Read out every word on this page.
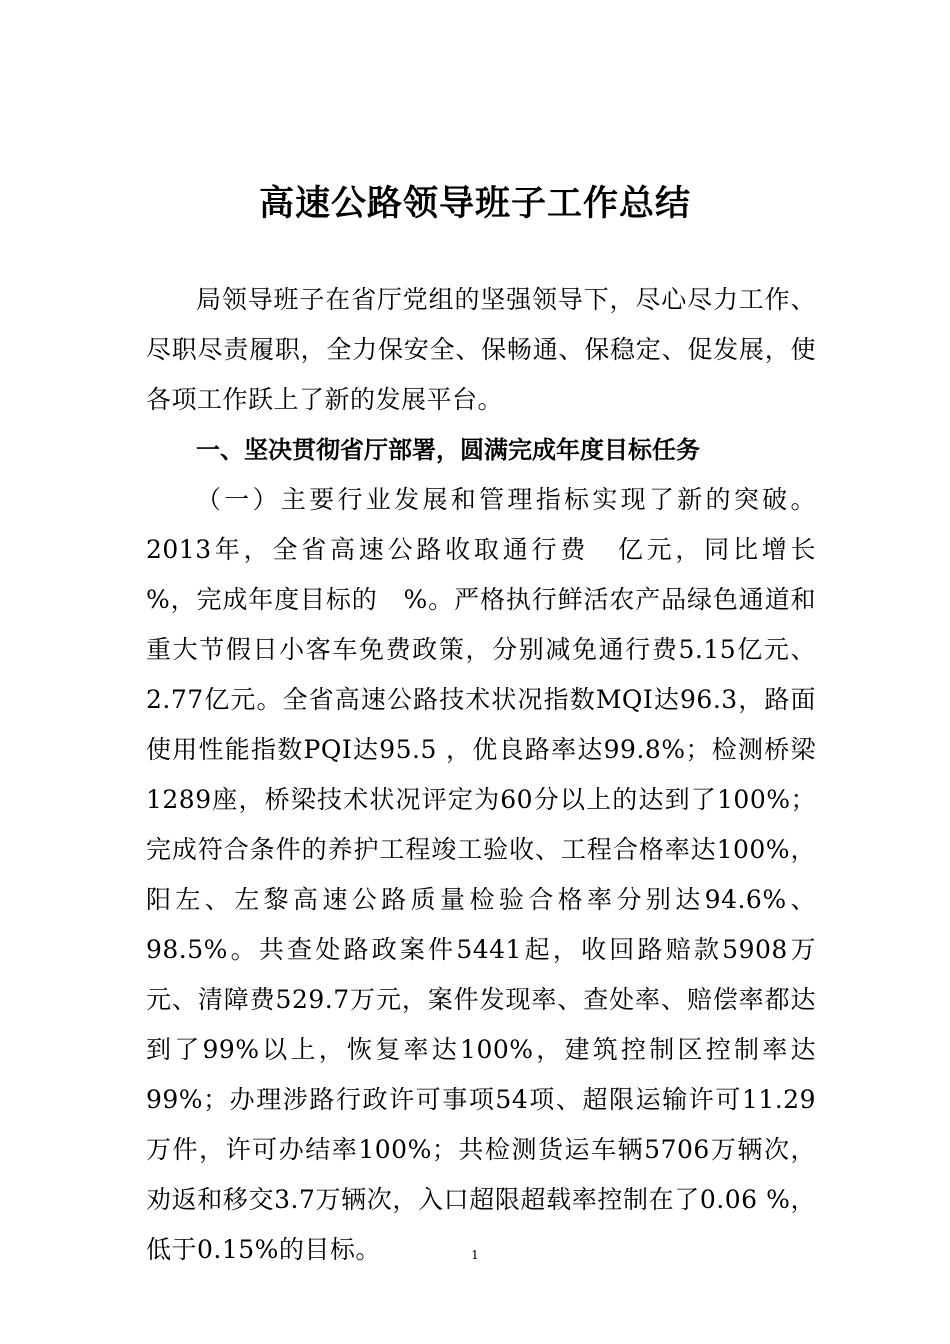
高速公路领导班子工作总结

局领导班子在省厅党组的坚强领导下，尽心尽力工作、尽职尽责履职，全力保安全、保畅通、保稳定、促发展，使各项工作跃上了新的发展平台。

一、坚决贯彻省厅部署，圆满完成年度目标任务

（一）主要行业发展和管理指标实现了新的突破。2013年，全省高速公路收取通行费　亿元，同比增长　%，完成年度目标的　%。严格执行鲜活农产品绿色通道和重大节假日小客车免费政策，分别减免通行费5.15亿元、2.77亿元。全省高速公路技术状况指数MQI达96.3，路面使用性能指数PQI达95.5 ，优良路率达99.8%；检测桥梁1289座，桥梁技术状况评定为60分以上的达到了100%；完成符合条件的养护工程竣工验收、工程合格率达100%，阳左、左黎高速公路质量检验合格率分别达94.6%、98.5%。共查处路政案件5441起，收回路赔款5908万元、清障费529.7万元，案件发现率、查处率、赔偿率都达到了99%以上，恢复率达100%，建筑控制区控制率达99%；办理涉路行政许可事项54项、超限运输许可11.29万件，许可办结率100%；共检测货运车辆5706万辆次，劝返和移交3.7万辆次，入口超限超载率控制在了0.06 %，低于0.15%的目标。	1
